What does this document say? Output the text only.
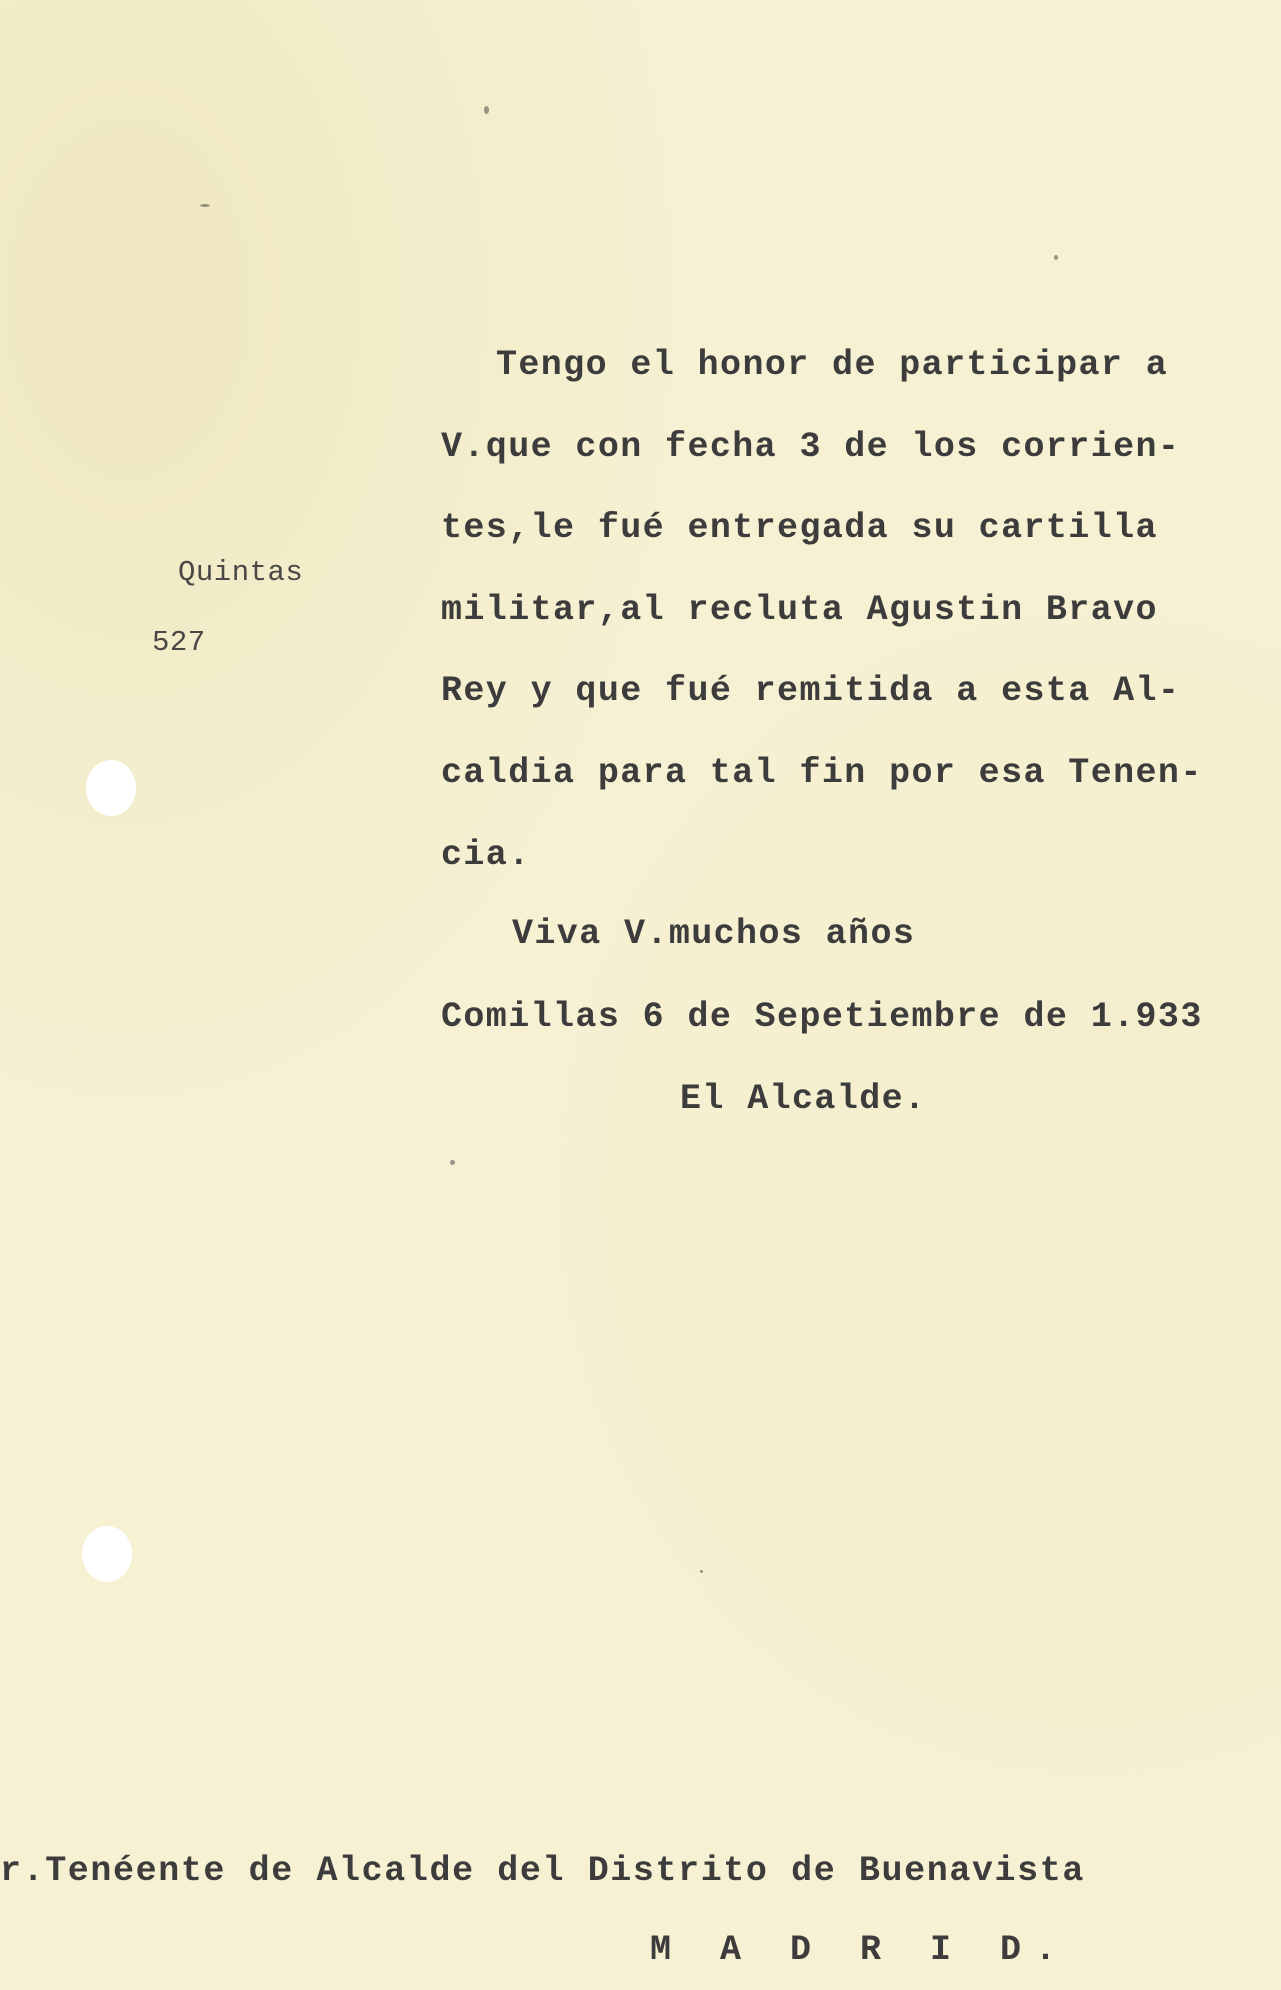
Quintas
527
Tengo el honor de participar a
V.que con fecha 3 de los corrien-
tes,le fué entregada su cartilla
militar,al recluta Agustin Bravo
Rey y que fué remitida a esta Al-
caldia para tal fin por esa Tenen-
cia.
Viva V.muchos años
Comillas 6 de Sepetiembre de 1.933
El Alcalde.
r.Tenéente de Alcalde del Distrito de Buenavista
M A D R I D.
